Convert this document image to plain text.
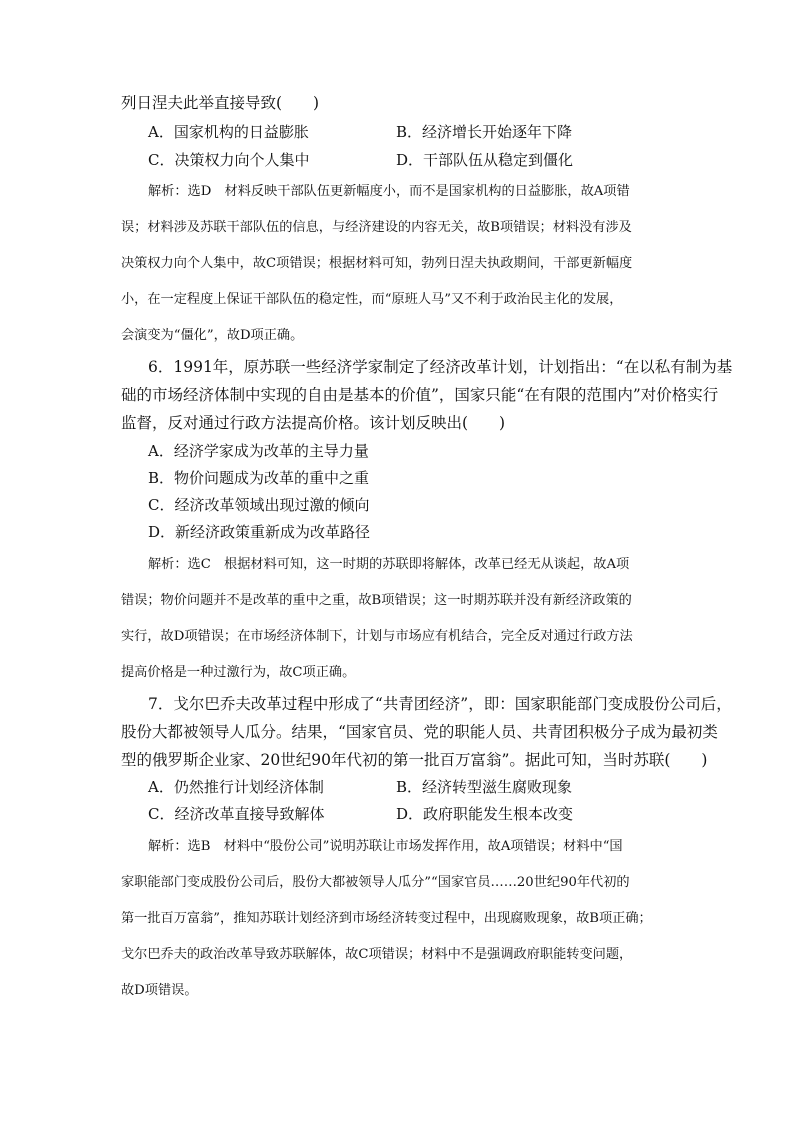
列日涅夫此举直接导致(　　)
A．国家机构的日益膨胀	B．经济增长开始逐年下降
C．决策权力向个人集中	D．干部队伍从稳定到僵化
解析：选D　材料反映干部队伍更新幅度小，而不是国家机构的日益膨胀，故A项错
误；材料涉及苏联干部队伍的信息，与经济建设的内容无关，故B项错误；材料没有涉及
决策权力向个人集中，故C项错误；根据材料可知，勃列日涅夫执政期间，干部更新幅度
小，在一定程度上保证干部队伍的稳定性，而“原班人马”又不利于政治民主化的发展，
会演变为“僵化”，故D项正确。
6．1991年，原苏联一些经济学家制定了经济改革计划，计划指出：“在以私有制为基
础的市场经济体制中实现的自由是基本的价值”，国家只能“在有限的范围内”对价格实行
监督，反对通过行政方法提高价格。该计划反映出(　　)
A．经济学家成为改革的主导力量
B．物价问题成为改革的重中之重
C．经济改革领域出现过激的倾向
D．新经济政策重新成为改革路径
解析：选C　根据材料可知，这一时期的苏联即将解体，改革已经无从谈起，故A项
错误；物价问题并不是改革的重中之重，故B项错误；这一时期苏联并没有新经济政策的
实行，故D项错误；在市场经济体制下，计划与市场应有机结合，完全反对通过行政方法
提高价格是一种过激行为，故C项正确。
7．戈尔巴乔夫改革过程中形成了“共青团经济”，即：国家职能部门变成股份公司后，
股份大都被领导人瓜分。结果，“国家官员、党的职能人员、共青团积极分子成为最初类
型的俄罗斯企业家、20世纪90年代初的第一批百万富翁”。据此可知，当时苏联(　　)
A．仍然推行计划经济体制	B．经济转型滋生腐败现象
C．经济改革直接导致解体	D．政府职能发生根本改变
解析：选B　材料中“股份公司”说明苏联让市场发挥作用，故A项错误；材料中“国
家职能部门变成股份公司后，股份大都被领导人瓜分”“国家官员……20世纪90年代初的
第一批百万富翁”，推知苏联计划经济到市场经济转变过程中，出现腐败现象，故B项正确；
戈尔巴乔夫的政治改革导致苏联解体，故C项错误；材料中不是强调政府职能转变问题，
故D项错误。
